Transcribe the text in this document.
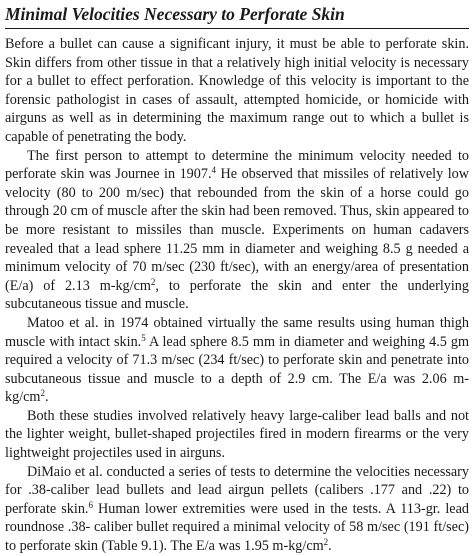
Minimal Velocities Necessary to Perforate Skin

Before a bullet can cause a significant injury, it must be able to perforate skin. Skin differs from other tissue in that a relatively high initial velocity is necessary for a bullet to effect perforation. Knowledge of this velocity is important to the forensic pathologist in cases of assault, attempted homicide, or homicide with airguns as well as in determining the maximum range out to which a bullet is capable of penetrating the body.

The first person to attempt to determine the minimum velocity needed to perforate skin was Journee in 1907.$^4$ He observed that missiles of relatively low velocity (80 to 200 m/sec) that rebounded from the skin of a horse could go through 20 cm of muscle after the skin had been removed. Thus, skin appeared to be more resistant to missiles than muscle. Experiments on human cadavers revealed that a lead sphere 11.25 mm in diameter and weighing 8.5 g needed a minimum velocity of 70 m/sec (230 ft/sec), with an energy/area of presentation (E/a) of 2.13 $m-kg/cm^2$, to perforate the skin and enter the underlying subcutaneous tissue and muscle.

Matoo et al. in 1974 obtained virtually the same results using human thigh muscle with intact skin.$^5$ A lead sphere 8.5 mm in diameter and weighing 4.5 gm required a velocity of 71.3 m/sec (234 ft/sec) to perforate skin and penetrate into subcutaneous tissue and muscle to a depth of 2.9 cm. The E/a was 2.06 $m-kg/cm^2$.

Both these studies involved relatively heavy large-caliber lead balls and not the lighter weight, bullet-shaped projectiles fired in modern firearms or the very lightweight projectiles used in airguns.

DiMaio et al. conducted a series of tests to determine the velocities necessary for .38-caliber lead bullets and lead airgun pellets (calibers .177 and .22) to perforate skin.$^6$ Human lower extremities were used in the tests. A 113-gr. lead roundnose .38- caliber bullet required a minimal velocity of 58 m/sec (191 ft/sec) to perforate skin (Table 9.1). The E/a was 1.95 $m-kg/cm^2$.
